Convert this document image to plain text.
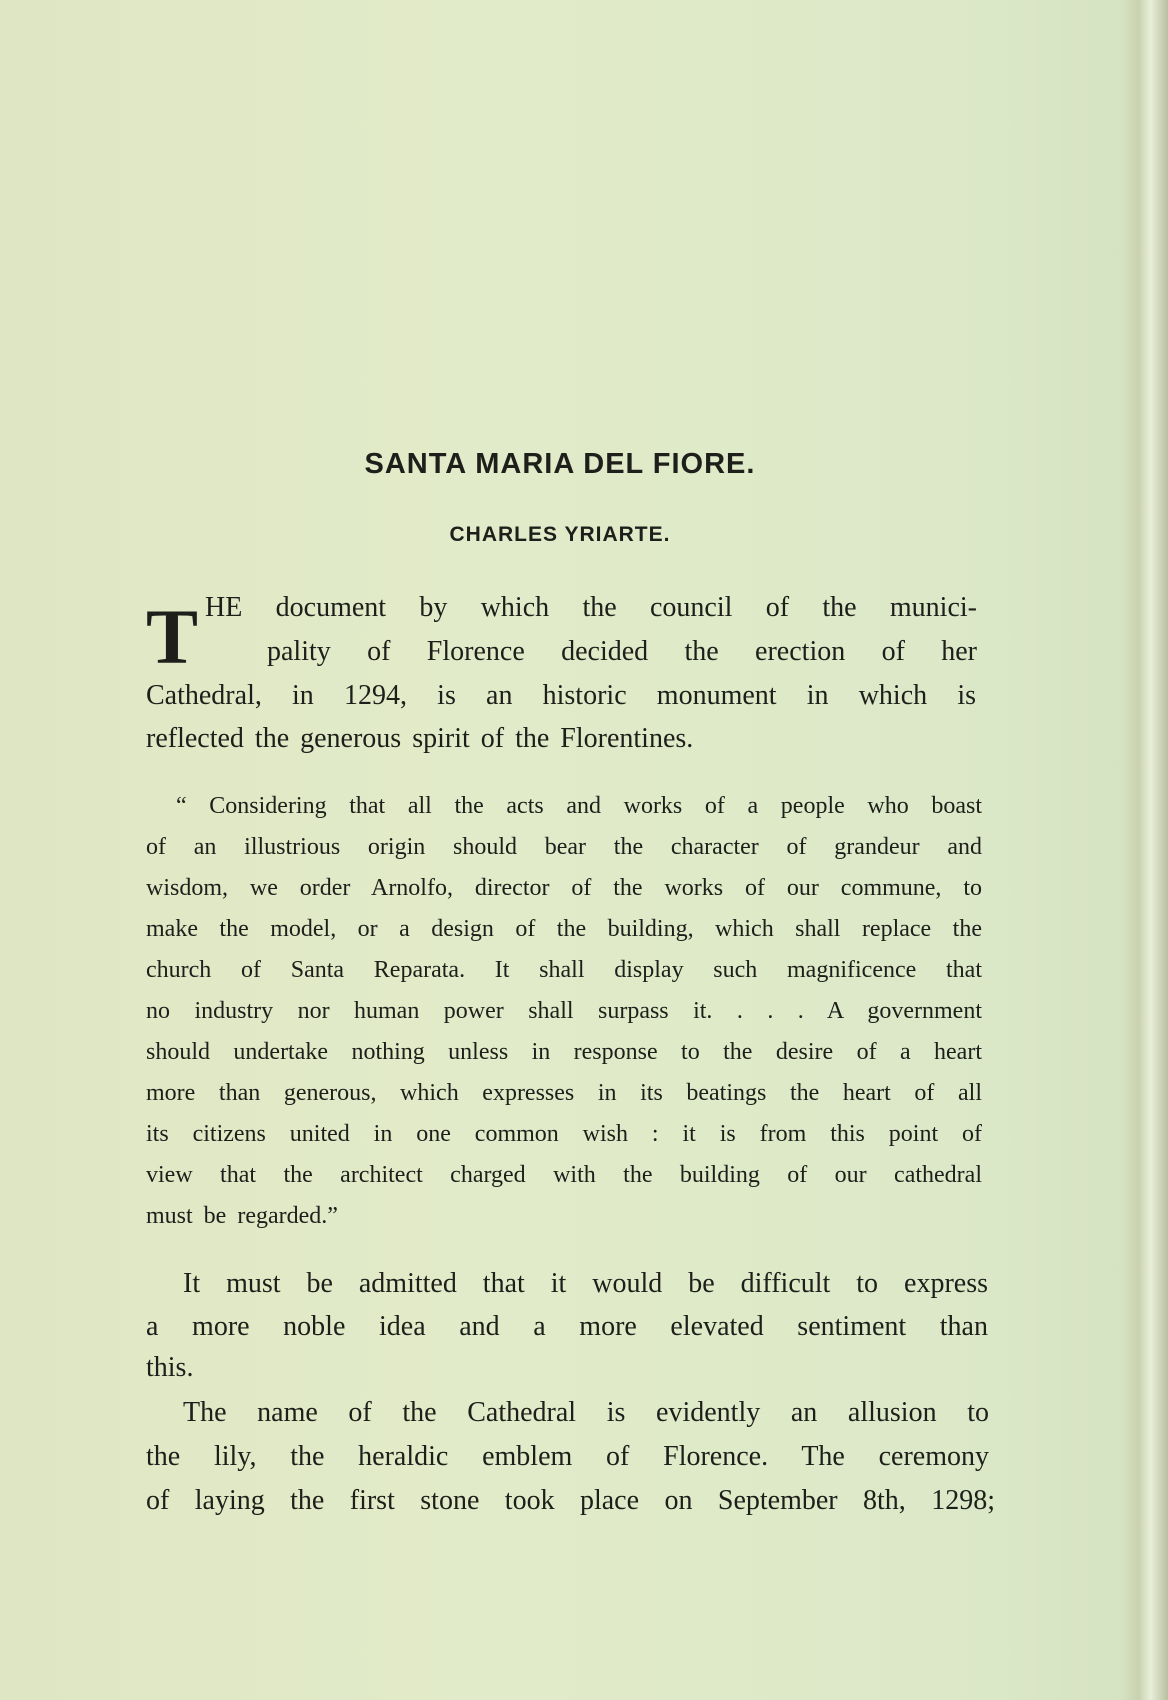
SANTA MARIA DEL FIORE.
CHARLES YRIARTE.
T HE document by which the council of the munici-
pality of Florence decided the erection of her
Cathedral, in 1294, is an historic monument in which is
reflected the generous spirit of the Florentines.
“ Considering that all the acts and works of a people who boast
of an illustrious origin should bear the character of grandeur and
wisdom, we order Arnolfo, director of the works of our commune, to
make the model, or a design of the building, which shall replace the
church of Santa Reparata. It shall display such magnificence that
no industry nor human power shall surpass it. . . . A government
should undertake nothing unless in response to the desire of a heart
more than generous, which expresses in its beatings the heart of all
its citizens united in one common wish : it is from this point of
view that the architect charged with the building of our cathedral
must be regarded.”
It must be admitted that it would be difficult to express
a more noble idea and a more elevated sentiment than
this.
The name of the Cathedral is evidently an allusion to
the lily, the heraldic emblem of Florence. The ceremony
of laying the first stone took place on September 8th, 1298;
